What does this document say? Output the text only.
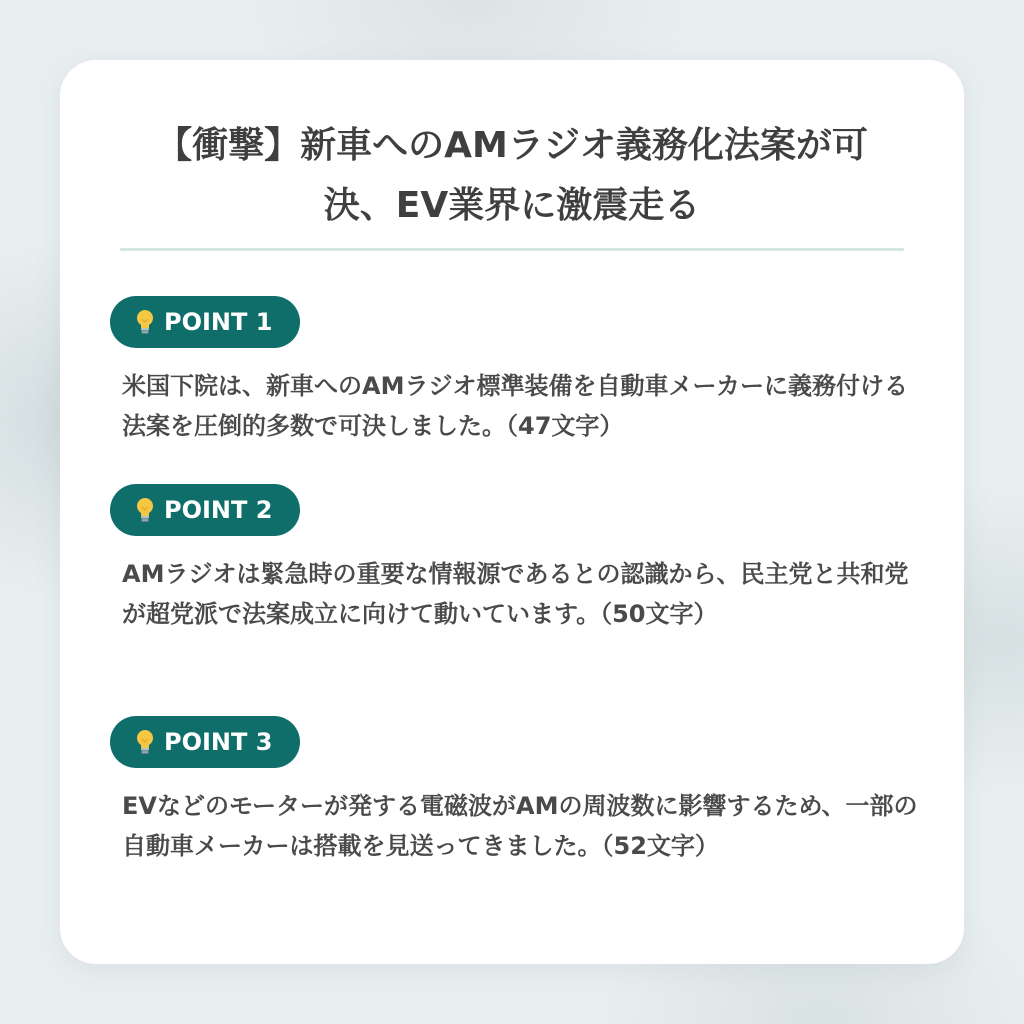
【衝撃】新車へのAMラジオ義務化法案が可決、EV業界に激震走る
POINT 1
米国下院は、新車へのAMラジオ標準装備を自動車メーカーに義務付ける法案を圧倒的多数で可決しました。（47文字）
POINT 2
AMラジオは緊急時の重要な情報源であるとの認識から、民主党と共和党が超党派で法案成立に向けて動いています。（50文字）
POINT 3
EVなどのモーターが発する電磁波がAMの周波数に影響するため、一部の自動車メーカーは搭載を見送ってきました。（52文字）
